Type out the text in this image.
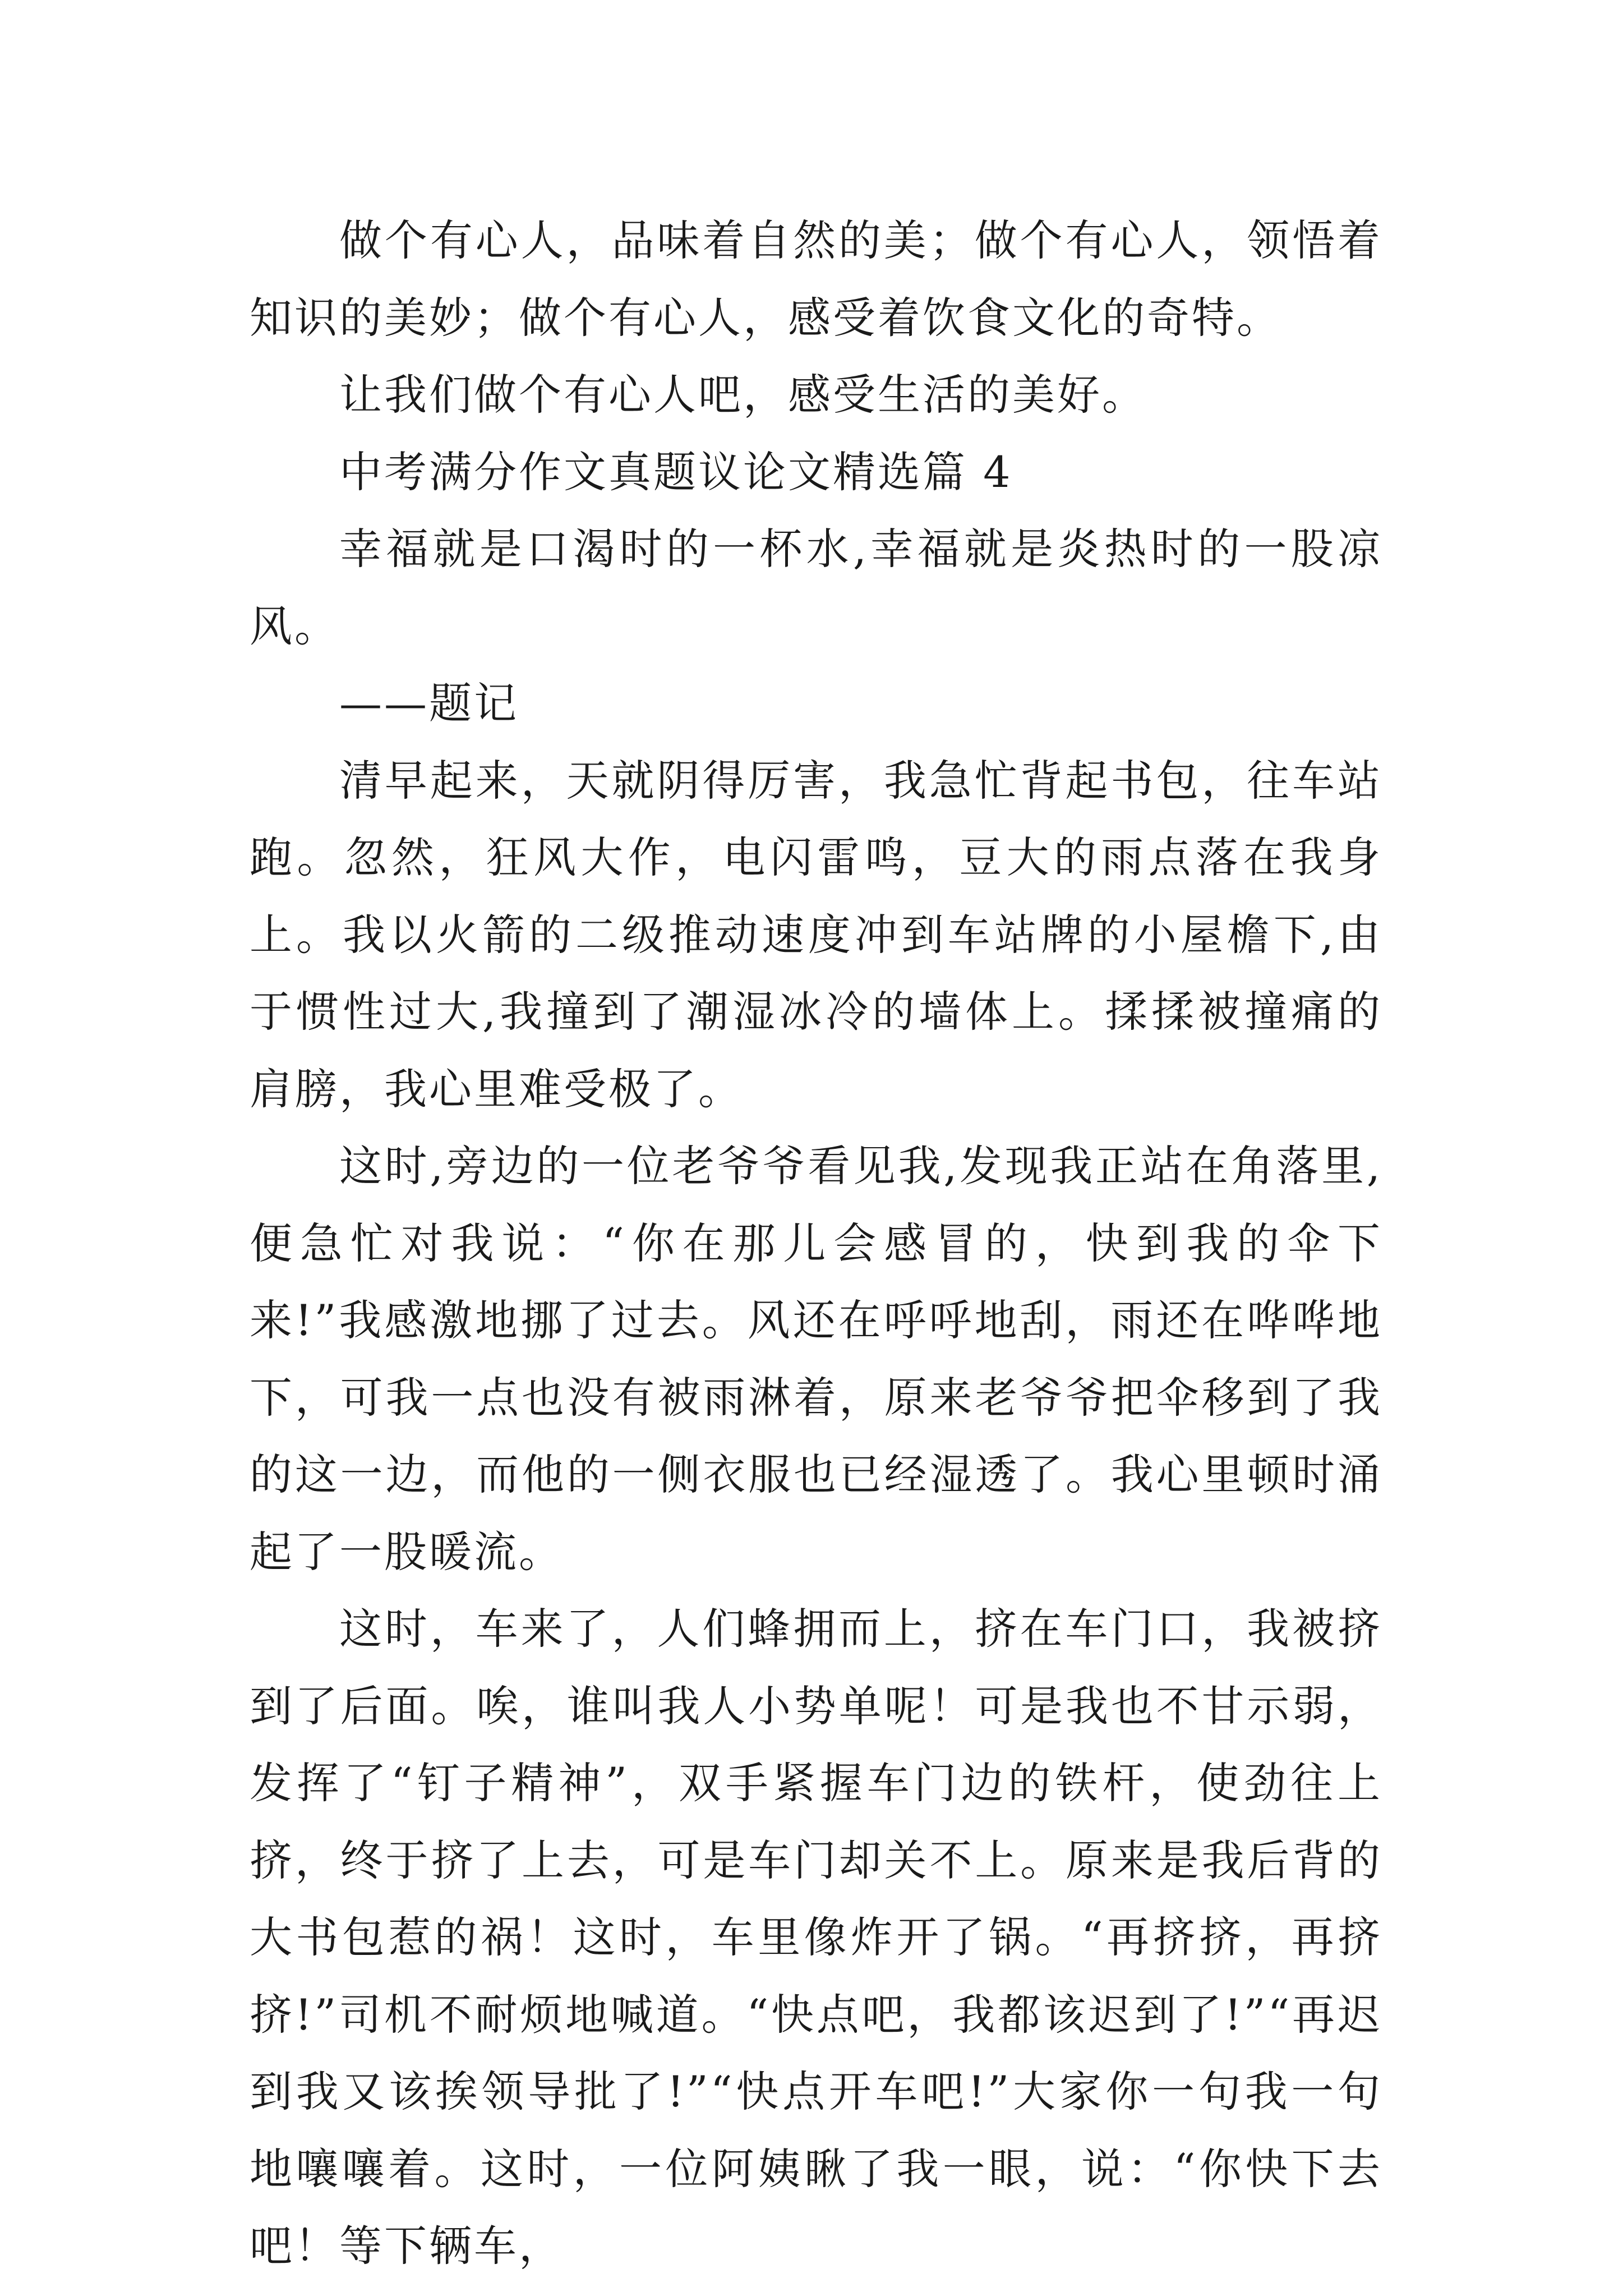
做个有心人，品味着自然的美；做个有心人，领悟着知识的美妙；做个有心人，感受着饮食文化的奇特。

让我们做个有心人吧，感受生活的美好。

中考满分作文真题议论文精选篇 4

幸福就是口渴时的一杯水,幸福就是炎热时的一股凉风。

——题记

清早起来，天就阴得厉害，我急忙背起书包，往车站跑。忽然，狂风大作，电闪雷鸣，豆大的雨点落在我身上。我以火箭的二级推动速度冲到车站牌的小屋檐下,由于惯性过大,我撞到了潮湿冰冷的墙体上。揉揉被撞痛的肩膀，我心里难受极了。

这时,旁边的一位老爷爷看见我,发现我正站在角落里,便急忙对我说：“你在那儿会感冒的，快到我的伞下来!”我感激地挪了过去。风还在呼呼地刮，雨还在哗哗地下，可我一点也没有被雨淋着，原来老爷爷把伞移到了我的这一边，而他的一侧衣服也已经湿透了。我心里顿时涌起了一股暖流。

这时，车来了，人们蜂拥而上，挤在车门口，我被挤到了后面。唉，谁叫我人小势单呢！可是我也不甘示弱，发挥了“钉子精神”，双手紧握车门边的铁杆，使劲往上挤，终于挤了上去，可是车门却关不上。原来是我后背的大书包惹的祸！这时，车里像炸开了锅。“再挤挤，再挤挤!”司机不耐烦地喊道。“快点吧，我都该迟到了!”“再迟到我又该挨领导批了!”“快点开车吧!”大家你一句我一句地嚷嚷着。这时，一位阿姨瞅了我一眼，说：“你快下去吧！等下辆车，
